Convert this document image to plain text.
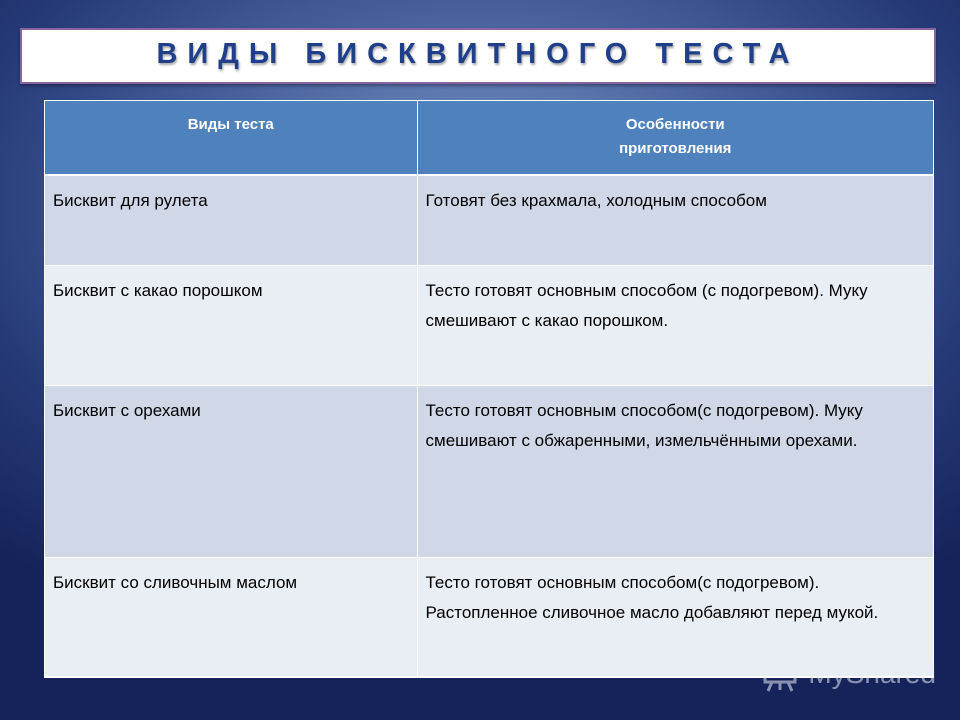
ВИДЫ БИСКВИТНОГО ТЕСТА
Виды теста	Особенности
приготовления
Бисквит для рулета	Готовят без крахмала, холодным способом
Бисквит с какао порошком	Тесто готовят основным способом (с подогревом). Муку смешивают с какао порошком.
Бисквит с орехами	Тесто готовят основным способом(с подогревом). Муку смешивают с обжаренными, измельчёнными орехами.
Бисквит со сливочным маслом	Тесто готовят основным способом(с подогревом). Растопленное сливочное масло добавляют перед мукой.
MyShared
